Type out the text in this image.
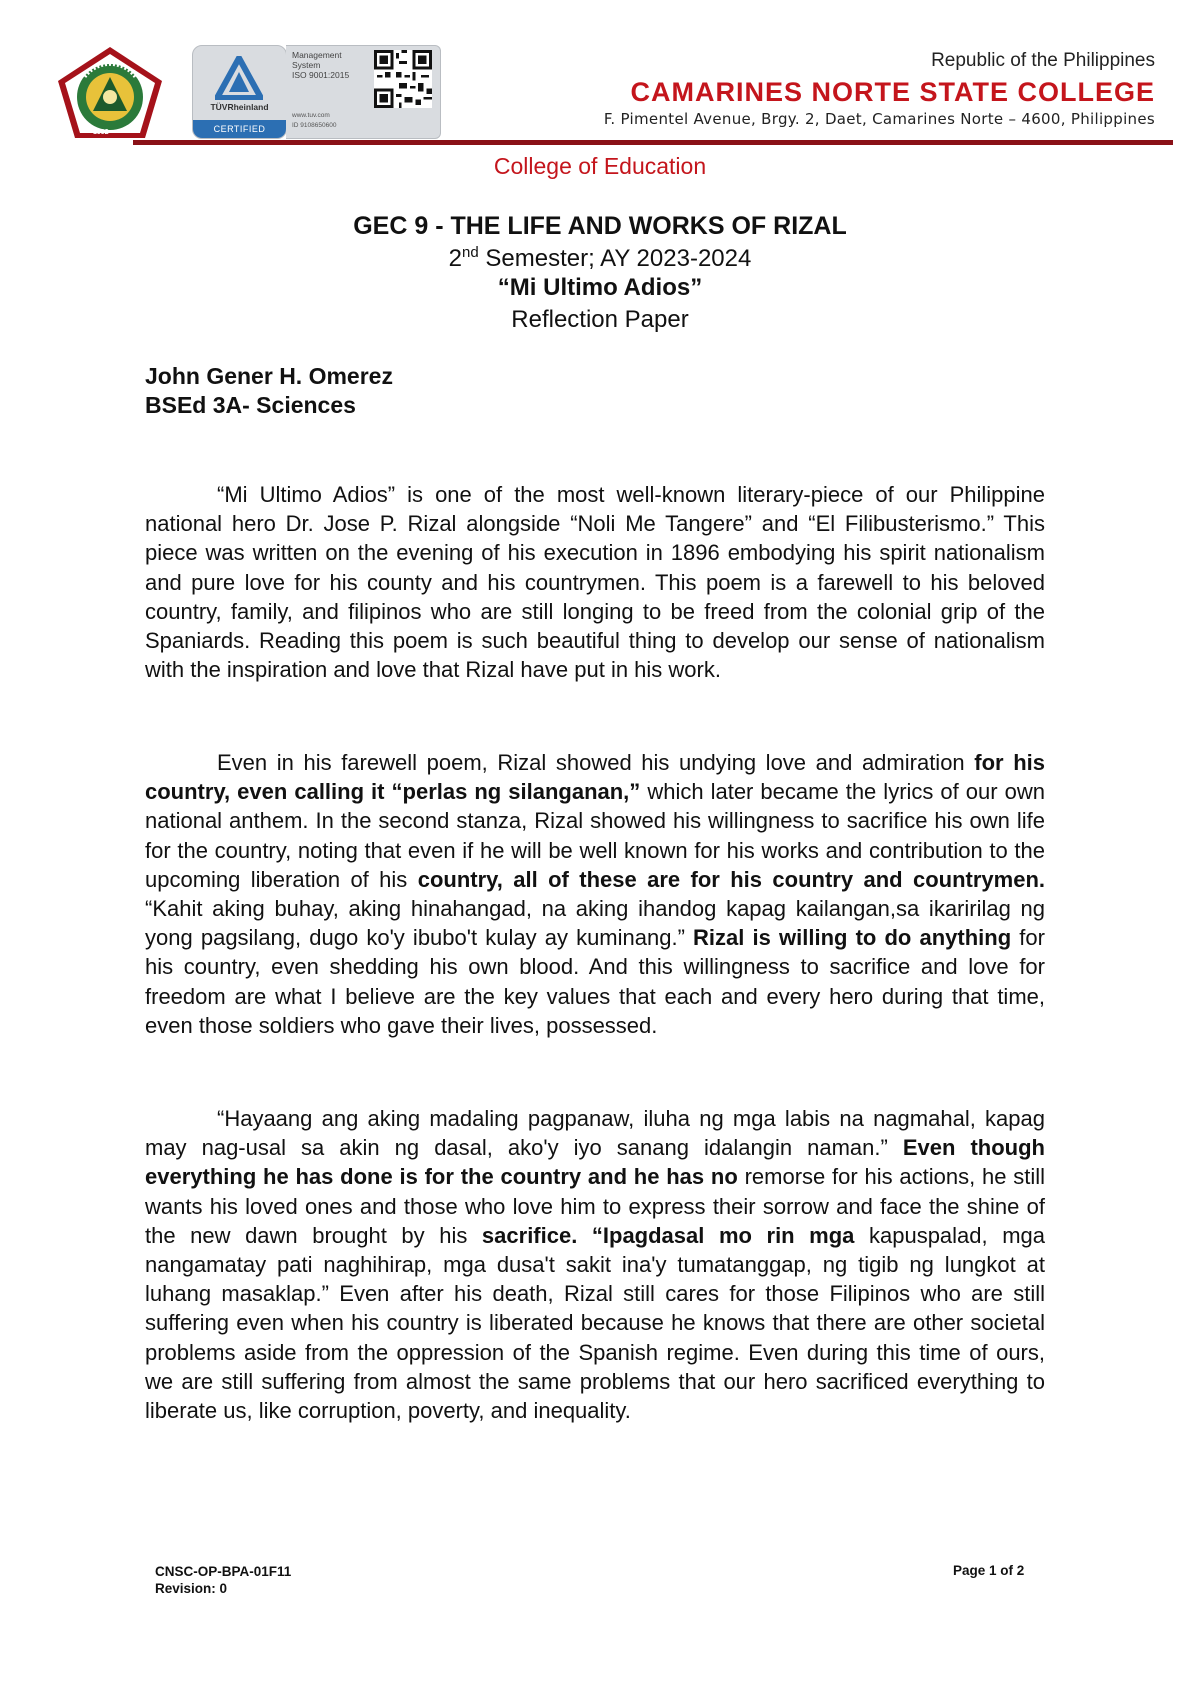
1992
TÜVRheinland
CERTIFIED
Management
System
ISO 9001:2015
www.tuv.com
ID 9108650600
Republic of the Philippines
CAMARINES NORTE STATE COLLEGE
F. Pimentel Avenue, Brgy. 2, Daet, Camarines Norte – 4600, Philippines
College of Education
GEC 9 - THE LIFE AND WORKS OF RIZAL
2nd Semester; AY 2023-2024
“Mi Ultimo Adios”
Reflection Paper
John Gener H. Omerez
BSEd 3A- Sciences

“Mi Ultimo Adios” is one of the most well-known literary-piece of our Philippine national hero Dr. Jose P. Rizal alongside “Noli Me Tangere” and “El Filibusterismo.” This piece was written on the evening of his execution in 1896 embodying his spirit nationalism and pure love for his county and his countrymen. This poem is a farewell to his beloved country, family, and filipinos who are still longing to be freed from the colonial grip of the Spaniards. Reading this poem is such beautiful thing to develop our sense of nationalism with the inspiration and love that Rizal have put in his work.

Even in his farewell poem, Rizal showed his undying love and admiration for his country, even calling it “perlas ng silanganan,” which later became the lyrics of our own national anthem. In the second stanza, Rizal showed his willingness to sacrifice his own life for the country, noting that even if he will be well known for his works and contribution to the upcoming liberation of his country, all of these are for his country and countrymen. “Kahit aking buhay, aking hinahangad, na aking ihandog kapag kailangan,sa ikaririlag ng yong pagsilang, dugo ko'y ibubo't kulay ay kuminang.” Rizal is willing to do anything for his country, even shedding his own blood. And this willingness to sacrifice and love for freedom are what I believe are the key values that each and every hero during that time, even those soldiers who gave their lives, possessed.

“Hayaang ang aking madaling pagpanaw, iluha ng mga labis na nagmahal, kapag may nag-usal sa akin ng dasal, ako'y iyo sanang idalangin naman.” Even though everything he has done is for the country and he has no remorse for his actions, he still wants his loved ones and those who love him to express their sorrow and face the shine of the new dawn brought by his sacrifice. “Ipagdasal mo rin mga kapuspalad, mga nangamatay pati naghihirap, mga dusa't sakit ina'y tumatanggap, ng tigib ng lungkot at luhang masaklap.” Even after his death, Rizal still cares for those Filipinos who are still suffering even when his country is liberated because he knows that there are other societal problems aside from the oppression of the Spanish regime. Even during this time of ours, we are still suffering from almost the same problems that our hero sacrificed everything to liberate us, like corruption, poverty, and inequality.

CNSC-OP-BPA-01F11
Revision: 0
Page 1 of 2
